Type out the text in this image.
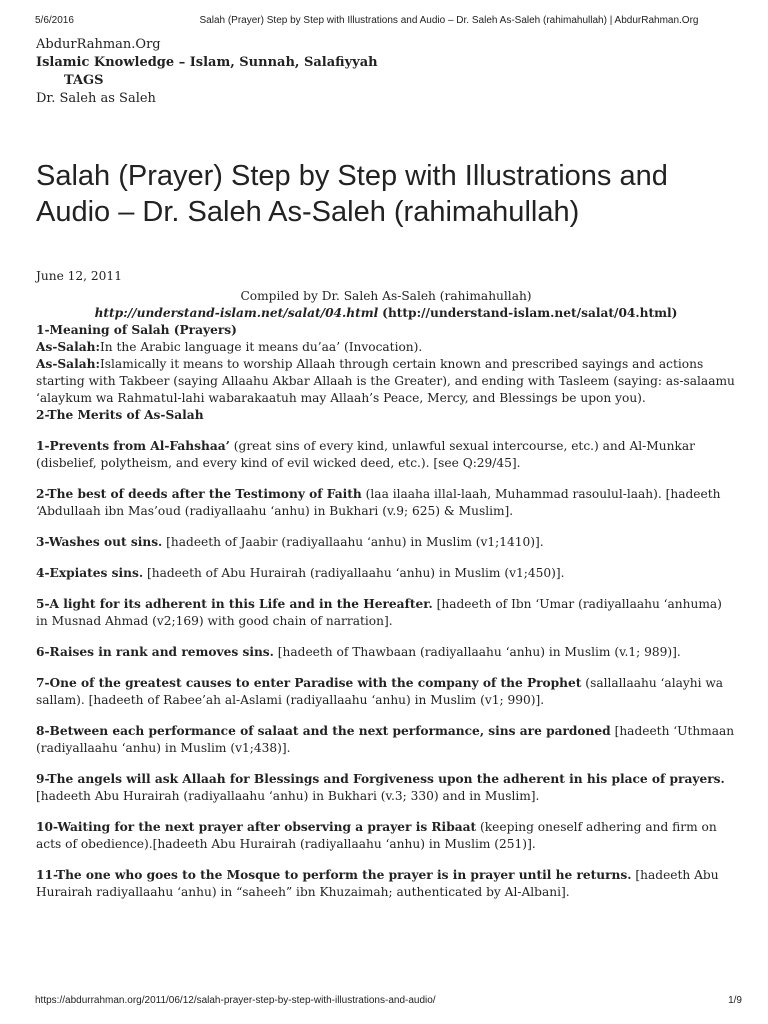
5/6/2016	Salah (Prayer) Step by Step with Illustrations and Audio – Dr. Saleh As-Saleh (rahimahullah) | AbdurRahman.Org
AbdurRahman.Org
Islamic Knowledge – Islam, Sunnah, Salafiyyah
TAGS
Dr. Saleh as Saleh
Salah (Prayer) Step by Step with Illustrations and Audio – Dr. Saleh As-Saleh (rahimahullah)

June 12, 2011

Compiled by Dr. Saleh As-Saleh (rahimahullah)

http://understand-islam.net/salat/04.html (http://understand-islam.net/salat/04.html)

1-Meaning of Salah (Prayers)

As-Salah:In the Arabic language it means du’aa’ (Invocation).

As-Salah:Islamically it means to worship Allaah through certain known and prescribed sayings and actions starting with Takbeer (saying Allaahu Akbar Allaah is the Greater), and ending with Tasleem (saying: as-salaamu ‘alaykum wa Rahmatul-lahi wabarakaatuh may Allaah’s Peace, Mercy, and Blessings be upon you).

2-The Merits of As-Salah

1-Prevents from Al-Fahshaa’ (great sins of every kind, unlawful sexual intercourse, etc.) and Al-Munkar (disbelief, polytheism, and every kind of evil wicked deed, etc.). [see Q:29/45].

2-The best of deeds after the Testimony of Faith (laa ilaaha illal-laah, Muhammad rasoulul-laah). [hadeeth ‘Abdullaah ibn Mas’oud (radiyallaahu ‘anhu) in Bukhari (v.9; 625) & Muslim].

3-Washes out sins. [hadeeth of Jaabir (radiyallaahu ‘anhu) in Muslim (v1;1410)].

4-Expiates sins. [hadeeth of Abu Hurairah (radiyallaahu ‘anhu) in Muslim (v1;450)].

5-A light for its adherent in this Life and in the Hereafter. [hadeeth of Ibn ‘Umar (radiyallaahu ‘anhuma) in Musnad Ahmad (v2;169) with good chain of narration].

6-Raises in rank and removes sins. [hadeeth of Thawbaan (radiyallaahu ‘anhu) in Muslim (v.1; 989)].

7-One of the greatest causes to enter Paradise with the company of the Prophet (sallallaahu ‘alayhi wa sallam). [hadeeth of Rabee’ah al-Aslami (radiyallaahu ‘anhu) in Muslim (v1; 990)].

8-Between each performance of salaat and the next performance, sins are pardoned [hadeeth ‘Uthmaan (radiyallaahu ‘anhu) in Muslim (v1;438)].

9-The angels will ask Allaah for Blessings and Forgiveness upon the adherent in his place of prayers. [hadeeth Abu Hurairah (radiyallaahu ‘anhu) in Bukhari (v.3; 330) and in Muslim].

10-Waiting for the next prayer after observing a prayer is Ribaat (keeping oneself adhering and firm on acts of obedience).[hadeeth Abu Hurairah (radiyallaahu ‘anhu) in Muslim (251)].

11-The one who goes to the Mosque to perform the prayer is in prayer until he returns. [hadeeth Abu Hurairah radiyallaahu ‘anhu) in “saheeh” ibn Khuzaimah; authenticated by Al-Albani].

https://abdurrahman.org/2011/06/12/salah-prayer-step-by-step-with-illustrations-and-audio/	1/9
